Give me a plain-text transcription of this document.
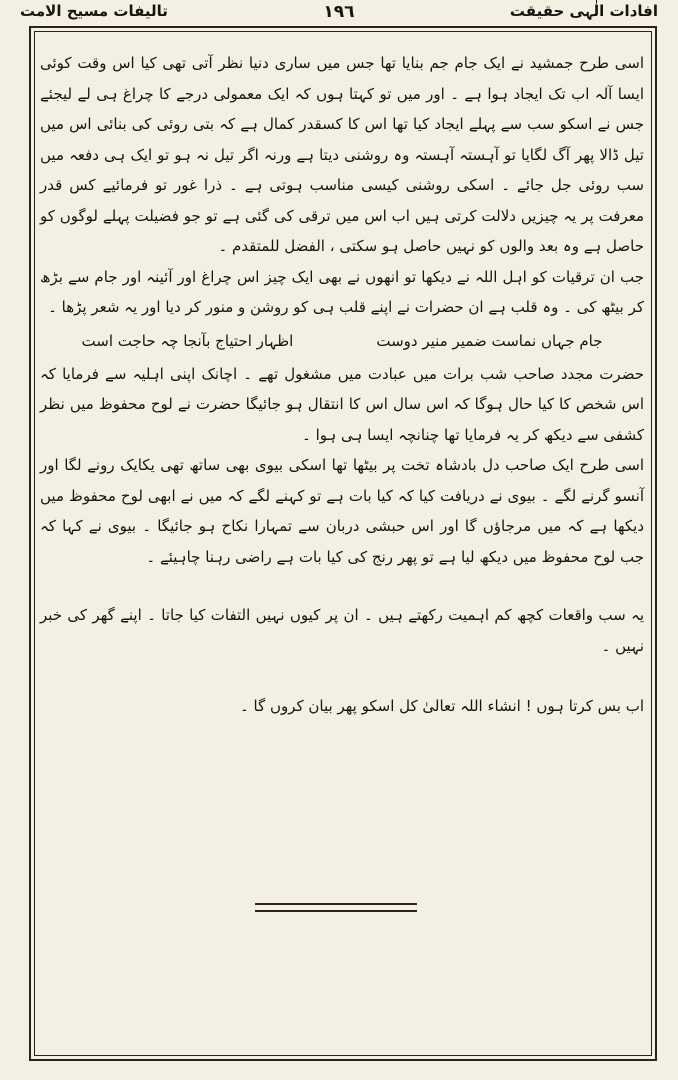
افادات الٰہی حقیقت
١٩٦
تالیفات مسیح الامت

اسی طرح جمشید نے ایک جام جم بنایا تھا جس میں ساری دنیا نظر آتی تھی کیا اس وقت کوئی ایسا آلہ اب تک ایجاد ہوا ہے ۔ اور میں تو کہتا ہوں کہ ایک معمولی درجے کا چراغ ہی لے لیجئے جس نے اسکو سب سے پہلے ایجاد کیا تھا اس کا کسقدر کمال ہے کہ بتی روئی کی بنائی اس میں تیل ڈالا پھر آگ لگایا تو آہستہ آہستہ وہ روشنی دیتا ہے ورنہ اگر تیل نہ ہو تو ایک ہی دفعہ میں سب روئی جل جائے ۔ اسکی روشنی کیسی مناسب ہوتی ہے ۔ ذرا غور تو فرمائیے کس قدر معرفت پر یہ چیزیں دلالت کرتی ہیں اب اس میں ترقی کی گئی ہے تو جو فضیلت پہلے لوگوں کو حاصل ہے وہ بعد والوں کو نہیں حاصل ہو سکتی ، الفضل للمتقدم ۔

جب ان ترقیات کو اہل اللہ نے دیکھا تو انھوں نے بھی ایک چیز اس چراغ اور آئینہ اور جام سے بڑھ کر بیٹھ کی ۔ وہ قلب ہے ان حضرات نے اپنے قلب ہی کو روشن و منور کر دیا اور یہ شعر پڑھا ۔

جام جہاں نماست ضمیر منیر دوست
اظہار احتیاج بآنجا چہ حاجت است

حضرت مجدد صاحب شب برات میں عبادت میں مشغول تھے ۔ اچانک اپنی اہلیہ سے فرمایا کہ اس شخص کا کیا حال ہوگا کہ اس سال اس کا انتقال ہو جائیگا حضرت نے لوح محفوظ میں نظر کشفی سے دیکھ کر یہ فرمایا تھا چنانچہ ایسا ہی ہوا ۔

اسی طرح ایک صاحب دل بادشاہ تخت پر بیٹھا تھا اسکی بیوی بھی ساتھ تھی یکایک رونے لگا اور آنسو گرنے لگے ۔ بیوی نے دریافت کیا کہ کیا بات ہے تو کہنے لگے کہ میں نے ابھی لوح محفوظ میں دیکھا ہے کہ میں مرجاؤں گا اور اس حبشی دربان سے تمہارا نکاح ہو جائیگا ۔ بیوی نے کہا کہ جب لوح محفوظ میں دیکھ لیا ہے تو پھر رنج کی کیا بات ہے راضی رہنا چاہیئے ۔

یہ سب واقعات کچھ کم اہمیت رکھتے ہیں ۔ ان پر کیوں نہیں التفات کیا جاتا ۔ اپنے گھر کی خبر نہیں ۔

اب بس کرتا ہوں ! انشاء اللہ تعالیٰ کل اسکو پھر بیان کروں گا ۔
